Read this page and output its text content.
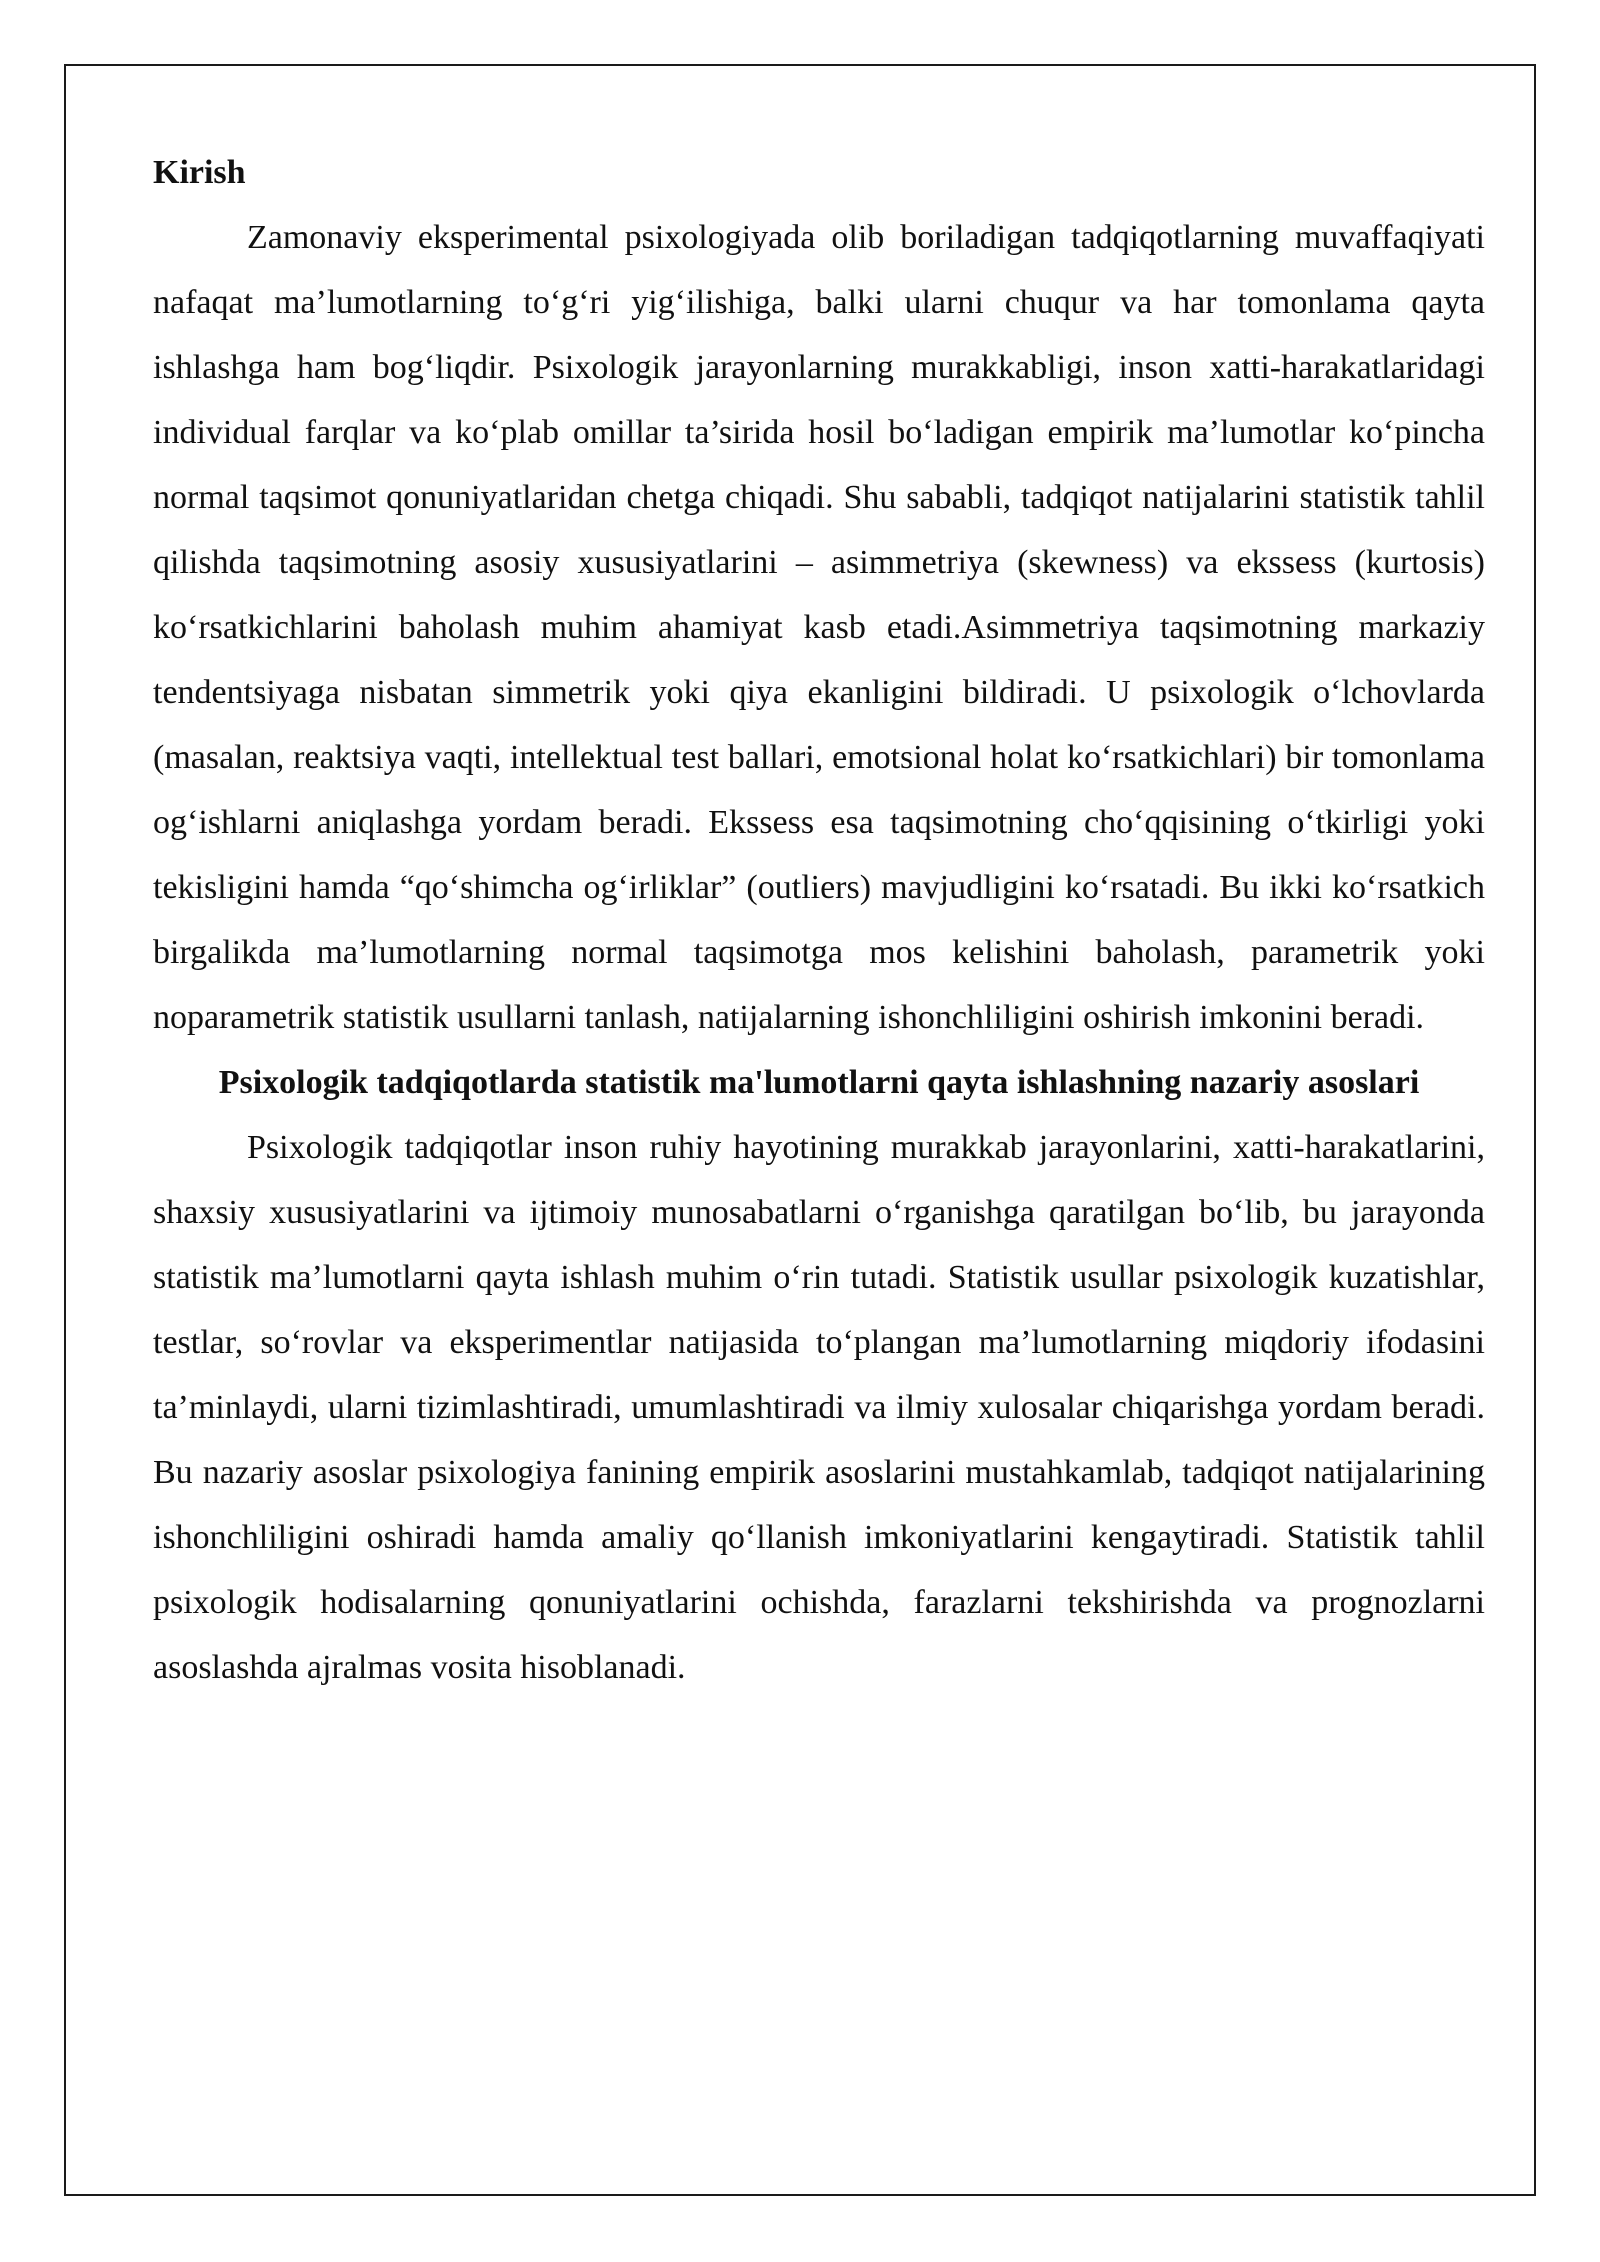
Kirish

Zamonaviy eksperimental psixologiyada olib boriladigan tadqiqotlarning muvaffaqiyati nafaqat ma’lumotlarning to‘g‘ri yig‘ilishiga, balki ularni chuqur va har tomonlama qayta ishlashga ham bog‘liqdir. Psixologik jarayonlarning murakkabligi, inson xatti-harakatlaridagi individual farqlar va ko‘plab omillar ta’sirida hosil bo‘ladigan empirik ma’lumotlar ko‘pincha normal taqsimot qonuniyatlaridan chetga chiqadi. Shu sababli, tadqiqot natijalarini statistik tahlil qilishda taqsimotning asosiy xususiyatlarini – asimmetriya (skewness) va ekssess (kurtosis) ko‘rsatkichlarini baholash muhim ahamiyat kasb etadi.Asimmetriya taqsimotning markaziy tendentsiyaga nisbatan simmetrik yoki qiya ekanligini bildiradi. U psixologik o‘lchovlarda (masalan, reaktsiya vaqti, intellektual test ballari, emotsional holat ko‘rsatkichlari) bir tomonlama og‘ishlarni aniqlashga yordam beradi. Ekssess esa taqsimotning cho‘qqisining o‘tkirligi yoki tekisligini hamda “qo‘shimcha og‘irliklar” (outliers) mavjudligini ko‘rsatadi. Bu ikki ko‘rsatkich birgalikda ma’lumotlarning normal taqsimotga mos kelishini baholash, parametrik yoki noparametrik statistik usullarni tanlash, natijalarning ishonchliligini oshirish imkonini beradi.

Psixologik tadqiqotlarda statistik ma'lumotlarni qayta ishlashning nazariy asoslari

Psixologik tadqiqotlar inson ruhiy hayotining murakkab jarayonlarini, xatti-harakatlarini, shaxsiy xususiyatlarini va ijtimoiy munosabatlarni o‘rganishga qaratilgan bo‘lib, bu jarayonda statistik ma’lumotlarni qayta ishlash muhim o‘rin tutadi. Statistik usullar psixologik kuzatishlar, testlar, so‘rovlar va eksperimentlar natijasida to‘plangan ma’lumotlarning miqdoriy ifodasini ta’minlaydi, ularni tizimlashtiradi, umumlashtiradi va ilmiy xulosalar chiqarishga yordam beradi. Bu nazariy asoslar psixologiya fanining empirik asoslarini mustahkamlab, tadqiqot natijalarining ishonchliligini oshiradi hamda amaliy qo‘llanish imkoniyatlarini kengaytiradi. Statistik tahlil psixologik hodisalarning qonuniyatlarini ochishda, farazlarni tekshirishda va prognozlarni asoslashda ajralmas vosita hisoblanadi.
